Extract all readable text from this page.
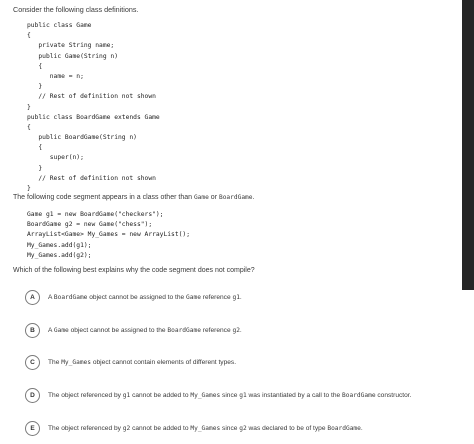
Consider the following class definitions.
public class Game
{
private String name;
public Game(String n)
{
name = n;
}
// Rest of definition not shown
}
public class BoardGame extends Game
{
public BoardGame(String n)
{
super(n);
}
// Rest of definition not shown
}
The following code segment appears in a class other than Game or BoardGame.
Game g1 = new BoardGame("checkers");
BoardGame g2 = new Game("chess");
ArrayList<Game> My_Games = new ArrayList();
My_Games.add(g1);
My_Games.add(g2);
Which of the following best explains why the code segment does not compile?
A	A BoardGame object cannot be assigned to the Game reference g1.
B	A Game object cannot be assigned to the BoardGame reference g2.
C	The My_Games object cannot contain elements of different types.
D	The object referenced by g1 cannot be added to My_Games since g1 was instantiated by a call to the BoardGame constructor.
E	The object referenced by g2 cannot be added to My_Games since g2 was declared to be of type BoardGame.
